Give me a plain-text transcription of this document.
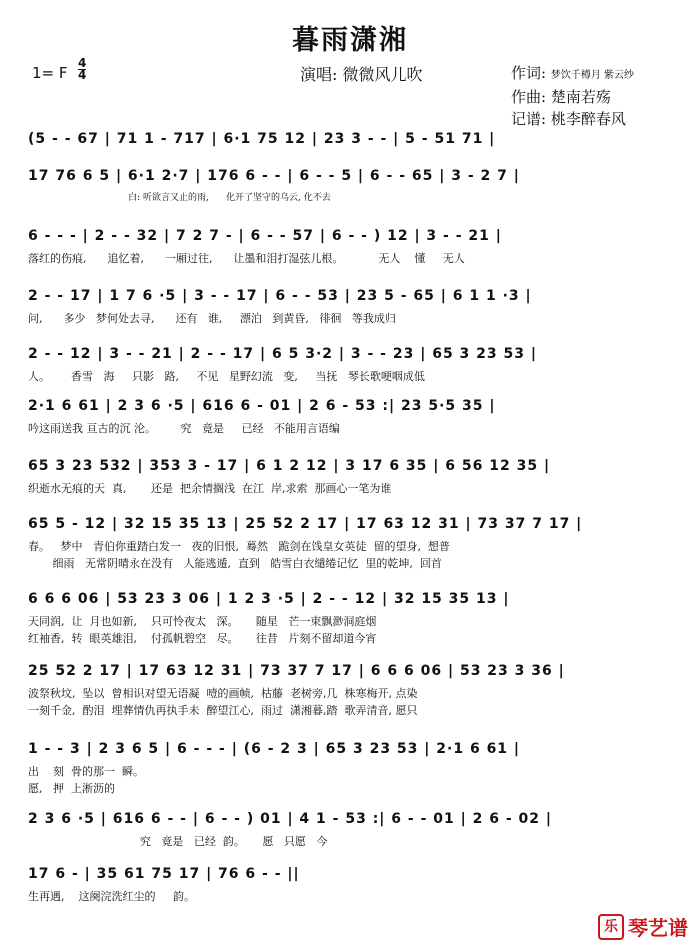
暮雨潇湘
1= F
4
4	演唱: 微微风儿吹	作词: 梦饮千樽月 紫云纱
作曲: 楚南若殇
记谱: 桃李醉春风
(5 - - 67 | 71 1 - 717 | 6·1 75 12 | 23 3 - - | 5 - 51 71 |
17 76 6 5 | 6·1 2·7 | 176 6 - - | 6 - - 5 | 6 - - 65 | 3 - 2 7 |
白: 听欲言又止的雨,      化开了坚守的乌云, 化不去
6 - - - | 2 - - 32 | 7 2 7 - | 6 - - 57 | 6 - - ) 12 | 3 - - 21 |
落红的伤痕,      追忆着,      一厢过往,      让墨和泪打湿弦儿根。          无人    懂     无人
2 - - 17 | 1 7 6 ·5 | 3 - - 17 | 6 - - 53 | 23 5 - 65 | 6 1 1 ·3 |
问,      多少   梦何处去寻,      还有   谁,     漂泊   到黄昏,   徘徊   等我成归
2 - - 12 | 3 - - 21 | 2 - - 17 | 6 5 3·2 | 3 - - 23 | 65 3 23 53 |
人。      香雪   海     只影   路,     不见   星野幻流   变,     当抚   琴长歌哽咽成低
2·1 6 61 | 2 3 6 ·5 | 616 6 - 01 | 2 6 - 53 :| 23 5·5 35 |
吟这雨送我 亘古的沉 沦。       究   竟是     已经   不能用言语编
65 3 23 532 | 353 3 - 17 | 6 1 2 12 | 3 17 6 35 | 6 56 12 35 |
织逝水无痕的天  真,       还是  把余情搁浅  在江  岸,求索  那画心一笔为谁
65 5 - 12 | 32 15 35 13 | 25 52 2 17 | 17 63 12 31 | 73 37 7 17 |
春。   梦中   青伯你重踏白发一   夜的旧恨,  蓦然   跪剑在饯皇女英徒  留的望身,  想普
细雨   无常阴晴永在没有   人能逃遁,  直到   皓雪白衣缱绻记忆  里的乾坤,  回首
6 6 6 06 | 53 23 3 06 | 1 2 3 ·5 | 2 - - 12 | 32 15 35 13 |
天同润,  让  月也如新,    只可怜夜太   深。     随星   芒一束飘渺洞庭烟
红袖香,  转  眼英雄泪,    付孤帆碧空   尽。     往昔   片刻不留却道今宵
25 52 2 17 | 17 63 12 31 | 73 37 7 17 | 6 6 6 06 | 53 23 3 36 |
波祭秋坟,  坠以  曾相识对望无语凝  噎的画帧,  枯藤  老树旁,几  株寒梅开, 点染
一刻千金,  酌泪  埋葬情仇再执手未  醉望江心,  雨过  潇湘暮,踏  歌弄清音, 愿只
1 - - 3 | 2 3 6 5 | 6 - - - | (6 - 2 3 | 65 3 23 53 | 2·1 6 61 |
出    刻  骨的那一  瞬。
愿,   押  上淅沥的
2 3 6 ·5 | 616 6 - - | 6 - - ) 01 | 4 1 - 53 :| 6 - - 01 | 2 6 - 02 |
究   竟是   已经  韵。     愿   只愿   今
17 6 - | 35 61 75 17 | 76 6 - - ||
生再遇,    这阕浣洗红尘的     韵。
乐 琴艺谱
